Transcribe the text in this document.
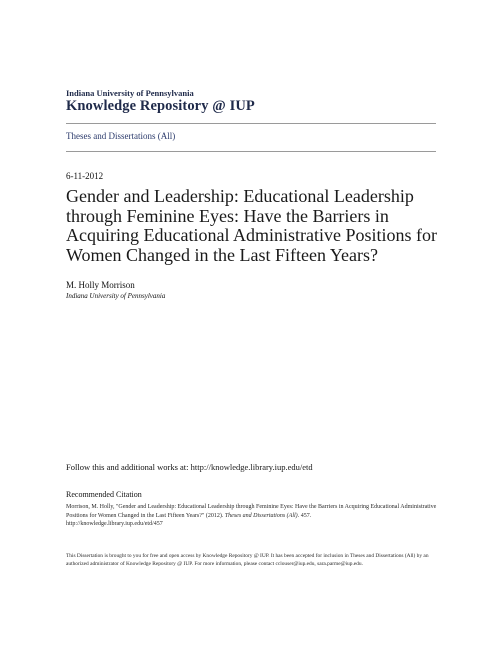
Indiana University of Pennsylvania
Knowledge Repository @ IUP
Theses and Dissertations (All)
6-11-2012
Gender and Leadership: Educational Leadership through Feminine Eyes: Have the Barriers in Acquiring Educational Administrative Positions for Women Changed in the Last Fifteen Years?
M. Holly Morrison
Indiana University of Pennsylvania
Follow this and additional works at: http://knowledge.library.iup.edu/etd
Recommended Citation
Morrison, M. Holly, "Gender and Leadership: Educational Leadership through Feminine Eyes: Have the Barriers in Acquiring Educational Administrative Positions for Women Changed in the Last Fifteen Years?" (2012). Theses and Dissertations (All). 457.
http://knowledge.library.iup.edu/etd/457
This Dissertation is brought to you for free and open access by Knowledge Repository @ IUP. It has been accepted for inclusion in Theses and Dissertations (All) by an authorized administrator of Knowledge Repository @ IUP. For more information, please contact cclouser@iup.edu, sara.parme@iup.edu.
